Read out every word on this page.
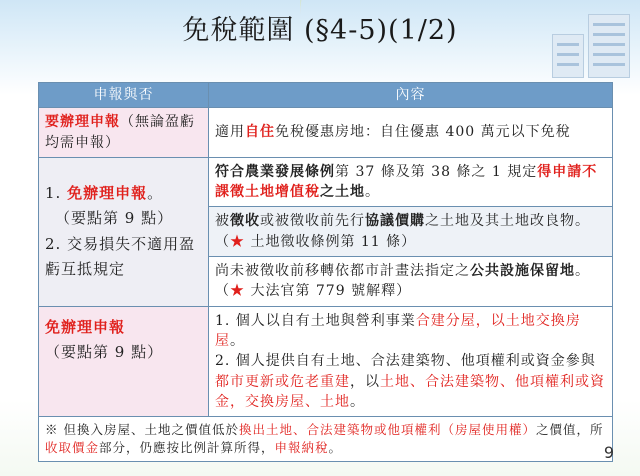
免稅範圍 (§4-5)(1/2)
申報與否	內容
要辦理申報（無論盈虧均需申報）	適用自住免稅優惠房地：自住優惠 400 萬元以下免稅

1. 免辦理申報。
（要點第 9 點）
2. 交易損失不適用盈虧互抵規定	符合農業發展條例第 37 條及第 38 條之 1 規定得申請不課徵土地增值稅之土地。
	被徵收或被徵收前先行協議價購之土地及其土地改良物。（★ 土地徵收條例第 11 條）
	尚未被徵收前移轉依都市計畫法指定之公共設施保留地。（★ 大法官第 779 號解釋）

免辦理申報
（要點第 9 點）	1. 個人以自有土地與營利事業合建分屋，以土地交換房屋。
2. 個人提供自有土地、合法建築物、他項權利或資金參與都市更新或危老重建，以土地、合法建築物、他項權利或資金，交換房屋、土地。

※ 但換入房屋、土地之價值低於換出土地、合法建築物或他項權利（房屋使用權）之價值，所收取價金部分，仍應按比例計算所得，申報納稅。		9
